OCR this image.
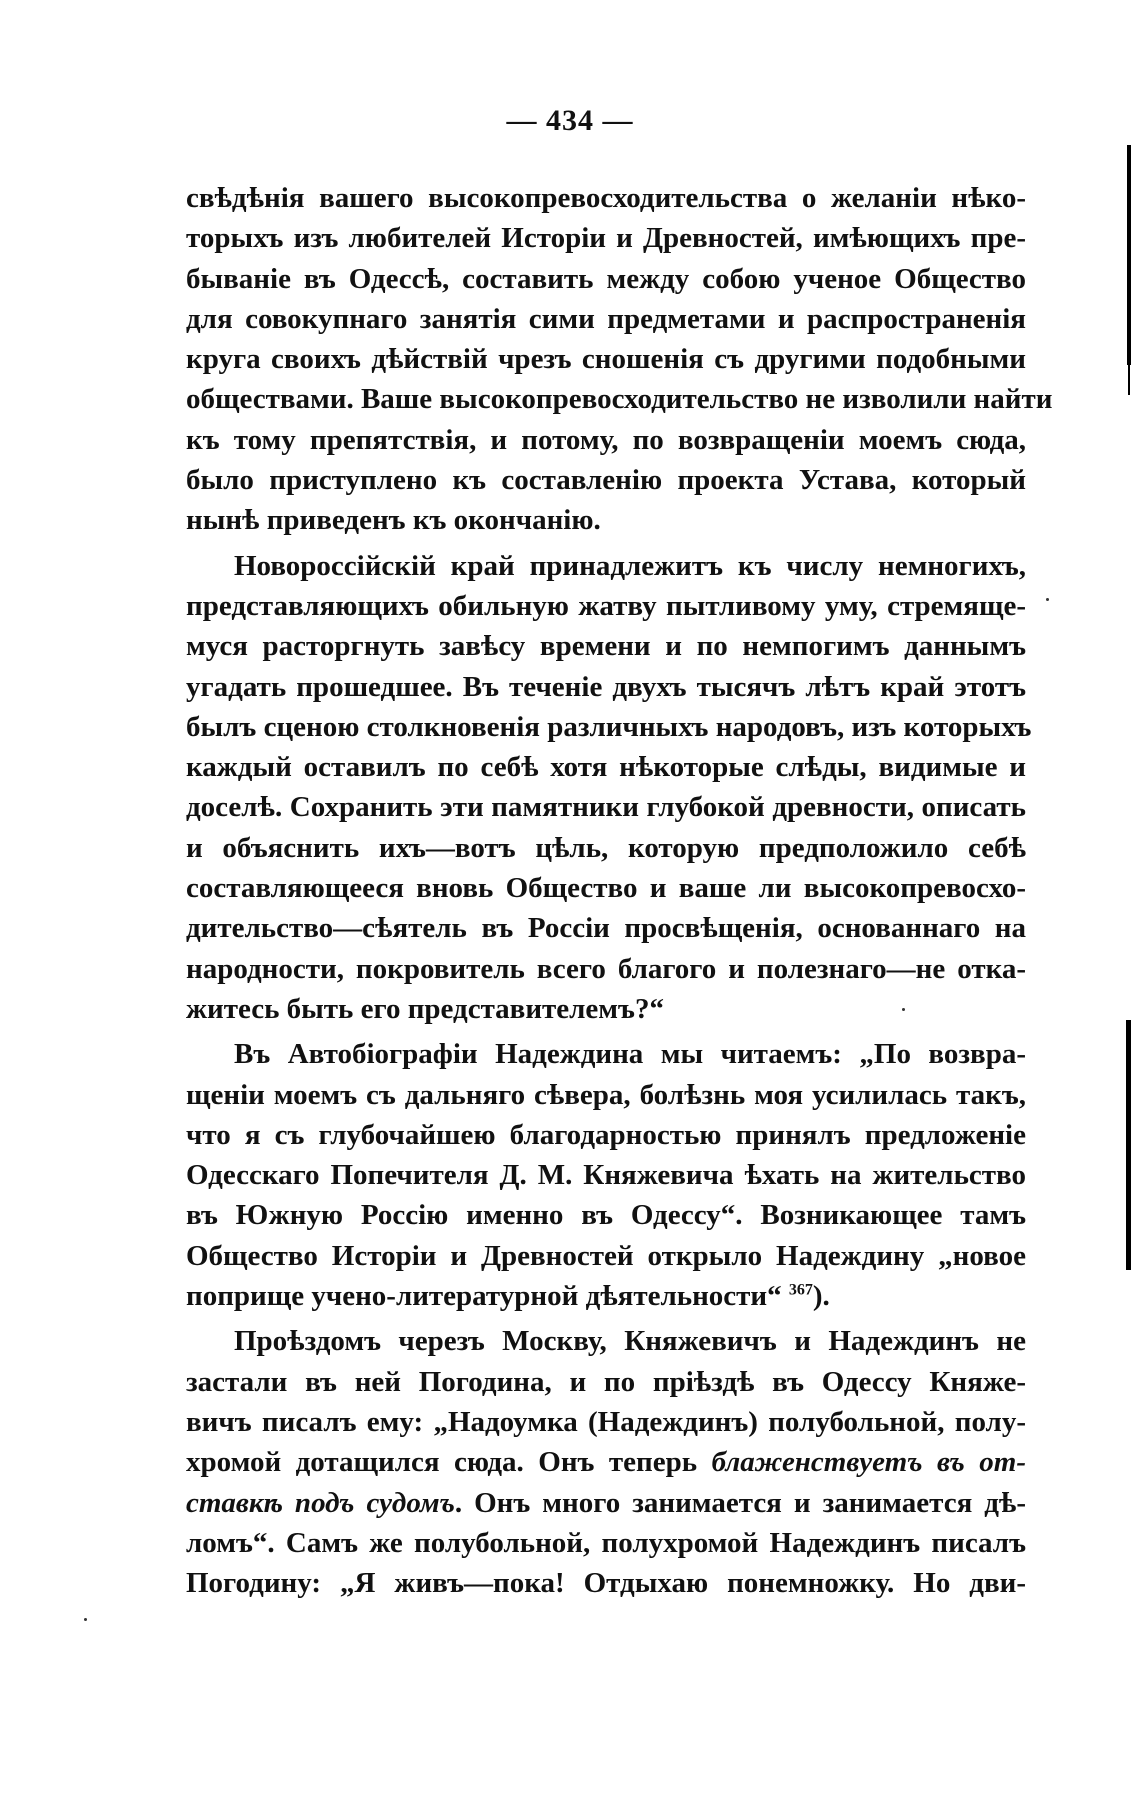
— 434 —
свѣдѣнія вашего высокопревосходительства о желаніи нѣко-
торыхъ изъ любителей Исторіи и Древностей, имѣющихъ пре-
быванiе въ Одессѣ, составить между собою ученое Общество
для совокупнаго занятія сими предметами и распространенія
круга своихъ дѣйствій чрезъ сношенія съ другими подобными
обществами. Ваше высокопревосходительство не изволили найти
къ тому препятствія, и потому, по возвращеніи моемъ сюда,
было приступлено къ составленію проекта Устава, который
нынѣ приведенъ къ окончанію.
Новороссійскій край принадлежитъ къ числу немногихъ,
представляющихъ обильную жатву пытливому уму, стремяще-
муся расторгнуть завѣсу времени и по немпогимъ даннымъ
угадать прошедшее. Въ теченіе двухъ тысячъ лѣтъ край этотъ
былъ сценою столкновенія различныхъ народовъ, изъ которыхъ
каждый оставилъ по себѣ хотя нѣкоторые слѣды, видимые и
доселѣ. Сохранить эти памятники глубокой древности, описать
и объяснить ихъ—вотъ цѣль, которую предположило себѣ
составляющееся вновь Общество и ваше ли высокопревосхо-
дительство—сѣятель въ Россіи просвѣщенія, основаннаго на
народности, покровитель всего благого и полезнаго—не отка-
житесь быть его представителемъ?“
Въ Автобіографіи Надеждина мы читаемъ: „По возвра-
щеніи моемъ съ дальняго сѣвера, болѣзнь моя усилилась такъ,
что я съ глубочайшею благодарностью принялъ предложеніе
Одесскаго Попечителя Д. М. Княжевича ѣхать на жительство
въ Южную Россію именно въ Одессу“. Возникающее тамъ
Общество Исторіи и Древностей открыло Надеждину „новое
поприще учено-литературной дѣятельности“ $^{367}$).
Проѣздомъ черезъ Москву, Княжевичъ и Надеждинъ не
застали въ ней Погодина, и по пріѣздѣ въ Одессу Княже-
вичъ писалъ ему: „Надоумка (Надеждинъ) полубольной, полу-
хромой дотащился сюда. Онъ теперь блаженствуетъ въ от-
ставкѣ подъ судомъ. Онъ много занимается и занимается дѣ-
ломъ“. Самъ же полубольной, полухромой Надеждинъ писалъ
Погодину: „Я живъ—пока! Отдыхаю понемножку. Но дви-
